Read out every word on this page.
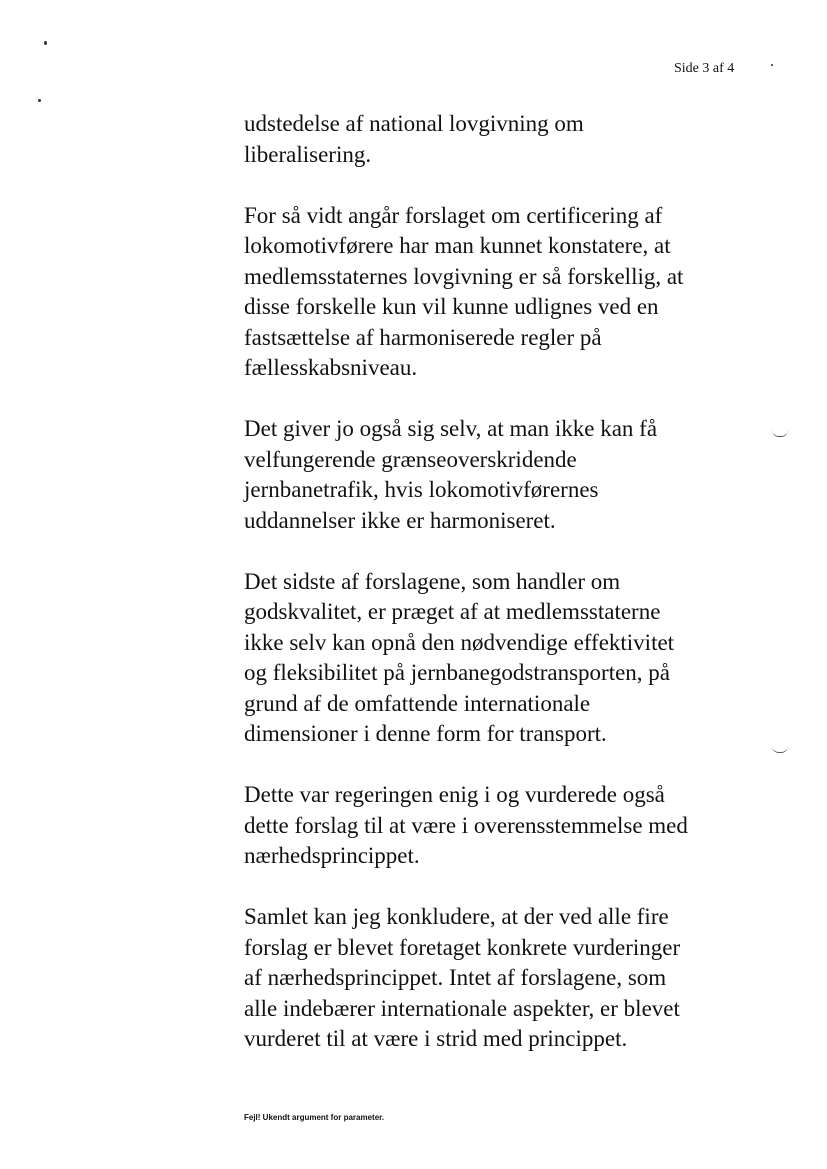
Side 3 af 4
udstedelse af national lovgivning om
liberalisering.
For så vidt angår forslaget om certificering af
lokomotivførere har man kunnet konstatere, at
medlemsstaternes lovgivning er så forskellig, at
disse forskelle kun vil kunne udlignes ved en
fastsættelse af harmoniserede regler på
fællesskabsniveau.
Det giver jo også sig selv, at man ikke kan få
velfungerende grænseoverskridende
jernbanetrafik, hvis lokomotivførernes
uddannelser ikke er harmoniseret.
Det sidste af forslagene, som handler om
godskvalitet, er præget af at medlemsstaterne
ikke selv kan opnå den nødvendige effektivitet
og fleksibilitet på jernbanegodstransporten, på
grund af de omfattende internationale
dimensioner i denne form for transport.
Dette var regeringen enig i og vurderede også
dette forslag til at være i overensstemmelse med
nærhedsprincippet.
Samlet kan jeg konkludere, at der ved alle fire
forslag er blevet foretaget konkrete vurderinger
af nærhedsprincippet. Intet af forslagene, som
alle indebærer internationale aspekter, er blevet
vurderet til at være i strid med princippet.
Fejl! Ukendt argument for parameter.
